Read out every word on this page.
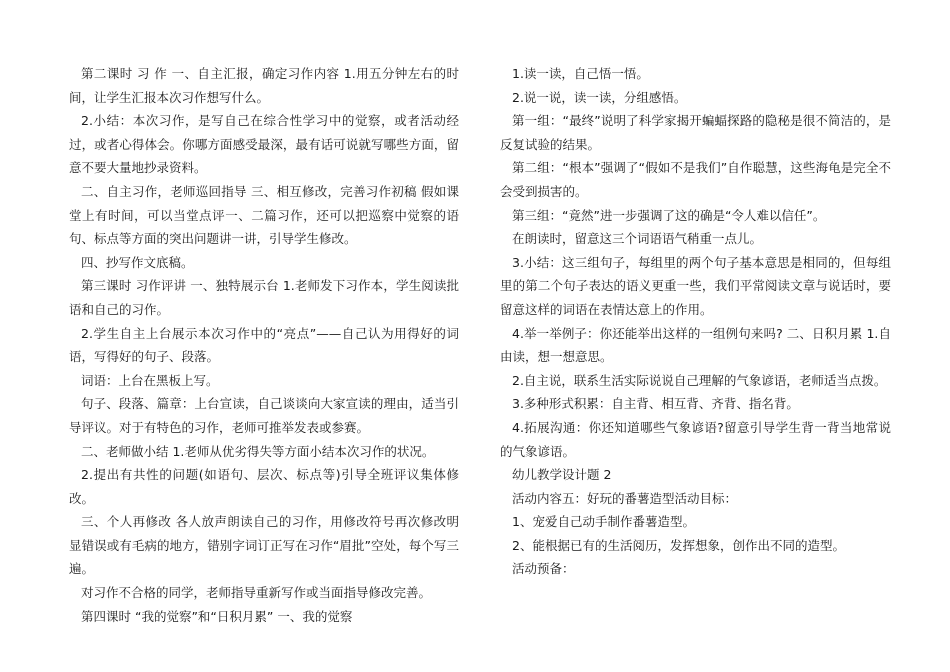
第二课时 习 作 一、自主汇报，确定习作内容 1.用五分钟左右的时间，让学生汇报本次习作想写什么。

2.小结：本次习作，是写自己在综合性学习中的觉察，或者活动经过，或者心得体会。你哪方面感受最深，最有话可说就写哪些方面，留意不要大量地抄录资料。

二、自主习作，老师巡回指导 三、相互修改，完善习作初稿 假如课堂上有时间，可以当堂点评一、二篇习作，还可以把巡察中觉察的语句、标点等方面的突出问题讲一讲，引导学生修改。

四、抄写作文底稿。

第三课时 习作评讲 一、独特展示台 1.老师发下习作本，学生阅读批语和自己的习作。

2.学生自主上台展示本次习作中的“亮点”——自己认为用得好的词语，写得好的句子、段落。

词语：上台在黑板上写。

句子、段落、篇章：上台宣读，自己谈谈向大家宣读的理由，适当引导评议。对于有特色的习作，老师可推举发表或参赛。

二、老师做小结 1.老师从优劣得失等方面小结本次习作的状况。

2.提出有共性的问题(如语句、层次、标点等)引导全班评议集体修改。

三、个人再修改 各人放声朗读自己的习作，用修改符号再次修改明显错误或有毛病的地方，错别字词订正写在习作“眉批”空处，每个写三遍。

对习作不合格的同学，老师指导重新写作或当面指导修改完善。

第四课时 “我的觉察”和“日积月累” 一、我的觉察

1.读一读，自己悟一悟。

2.说一说，读一读，分组感悟。

第一组：“最终”说明了科学家揭开蝙蝠探路的隐秘是很不简洁的，是反复试验的结果。

第二组：“根本”强调了“假如不是我们”自作聪慧，这些海龟是完全不会受到损害的。

第三组：“竟然”进一步强调了这的确是“令人难以信任”。

在朗读时，留意这三个词语语气稍重一点儿。

3.小结：这三组句子，每组里的两个句子基本意思是相同的，但每组里的第二个句子表达的语义更重一些，我们平常阅读文章与说话时，要留意这样的词语在表情达意上的作用。

4.举一举例子：你还能举出这样的一组例句来吗? 二、日积月累 1.自由读，想一想意思。

2.自主说，联系生活实际说说自己理解的气象谚语，老师适当点拨。

3.多种形式积累：自主背、相互背、齐背、指名背。

4.拓展沟通：你还知道哪些气象谚语?留意引导学生背一背当地常说的气象谚语。

幼儿教学设计题 2

活动内容五：好玩的番薯造型活动目标：

1、宠爱自己动手制作番薯造型。

2、能根据已有的生活阅历，发挥想象，创作出不同的造型。

活动预备：
